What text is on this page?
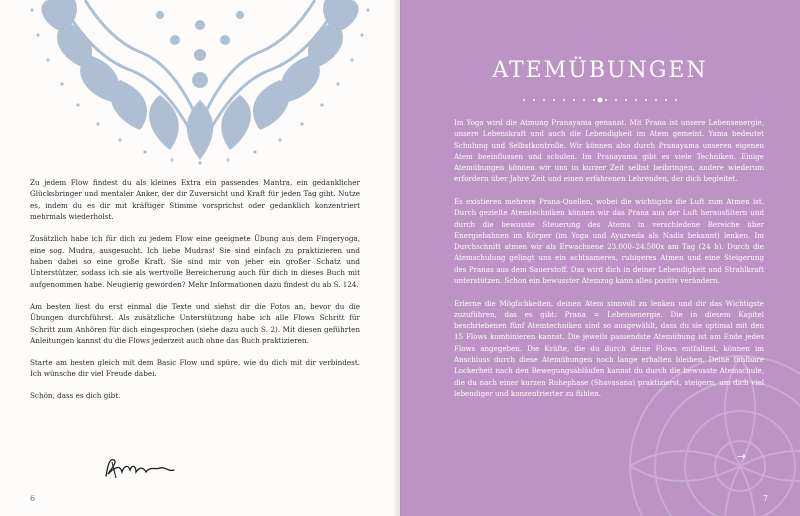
Zu jedem Flow findest du als kleines Extra ein passendes Mantra, ein gedanklicher Glücksbringer und mentaler Anker, der dir Zuversicht und Kraft für jeden Tag gibt. Nutze es, indem du es dir mit kräftiger Stimme vorsprichst oder gedanklich konzentriert mehrmals wiederholst.

Zusätzlich habe ich für dich zu jedem Flow eine geeignete Übung aus dem Fingeryoga, eine sog. Mudra, ausgesucht. Ich liebe Mudras! Sie sind einfach zu praktizieren und haben dabei so eine große Kraft. Sie sind mir von jeher ein großer Schatz und Unterstützer, sodass ich sie als wertvolle Bereicherung auch für dich in dieses Buch mit aufgenommen habe. Neugierig geworden? Mehr Informationen dazu findest du ab S. 124.

Am besten liest du erst einmal die Texte und siehst dir die Fotos an, bevor du die Übungen durchführst. Als zusätzliche Unterstützung habe ich alle Flows Schritt für Schritt zum Anhören für dich eingesprochen (siehe dazu auch S. 2). Mit diesen geführten Anleitungen kannst du die Flows jederzeit auch ohne das Buch praktizieren.

Starte am besten gleich mit dem Basic Flow und spüre, wie du dich mit dir verbindest. Ich wünsche dir viel Freude dabei.

Schön, dass es dich gibt.

6
ATEMÜBUNGEN

Im Yoga wird die Atmung Pranayama genannt. Mit Prana ist unsere Lebensenergie, unsere Lebenskraft und auch die Lebendigkeit im Atem gemeint. Yama bedeutet Schulung und Selbstkontrolle. Wir können also durch Pranayama unseren eigenen Atem beeinflussen und schulen. Im Pranayama gibt es viele Techniken. Einige Atemübungen können wir uns in kurzer Zeit selbst beibringen, andere wiederum erfordern über Jahre Zeit und einen erfahrenen Lehrenden, der dich begleitet.

Es existieren mehrere Prana-Quellen, wobei die wichtigste die Luft zum Atmen ist. Durch gezielte Atemtechniken können wir das Prana aus der Luft herausfiltern und durch die bewusste Steuerung des Atems in verschiedene Bereiche über Energiebahnen im Körper (im Yoga und Ayurveda als Nadis bekannt) lenken. Im Durchschnitt atmen wir als Erwachsene 23.000–24.500x am Tag (24 h). Durch die Atemschulung gelingt uns ein achtsameres, ruhigeres Atmen und eine Steigerung des Pranas aus dem Sauerstoff. Das wird dich in deiner Lebendigkeit und Strahlkraft unterstützen. Schon ein bewusster Atemzug kann alles positiv verändern.

Erlerne die Möglichkeiten, deinen Atem sinnvoll zu lenken und dir das Wichtigste zuzuführen, das es gibt: Prana = Lebensenergie. Die in diesem Kapitel beschriebenen fünf Atemtechniken sind so ausgewählt, dass du sie optimal mit den 15 Flows kombinieren kannst. Die jeweils passendste Atemübung ist am Ende jedes Flows angegeben. Die Kräfte, die du durch deine Flows entfaltest, können im Anschluss durch diese Atemübungen noch lange erhalten bleiben. Deine fühlbare Lockerheit nach den Bewegungsabläufen kannst du durch die bewusste Atemschule, die du nach einer kurzen Ruhephase (Shavasana) praktizierst, steigern, um dich viel lebendiger und konzentrierter zu fühlen.

→
7
